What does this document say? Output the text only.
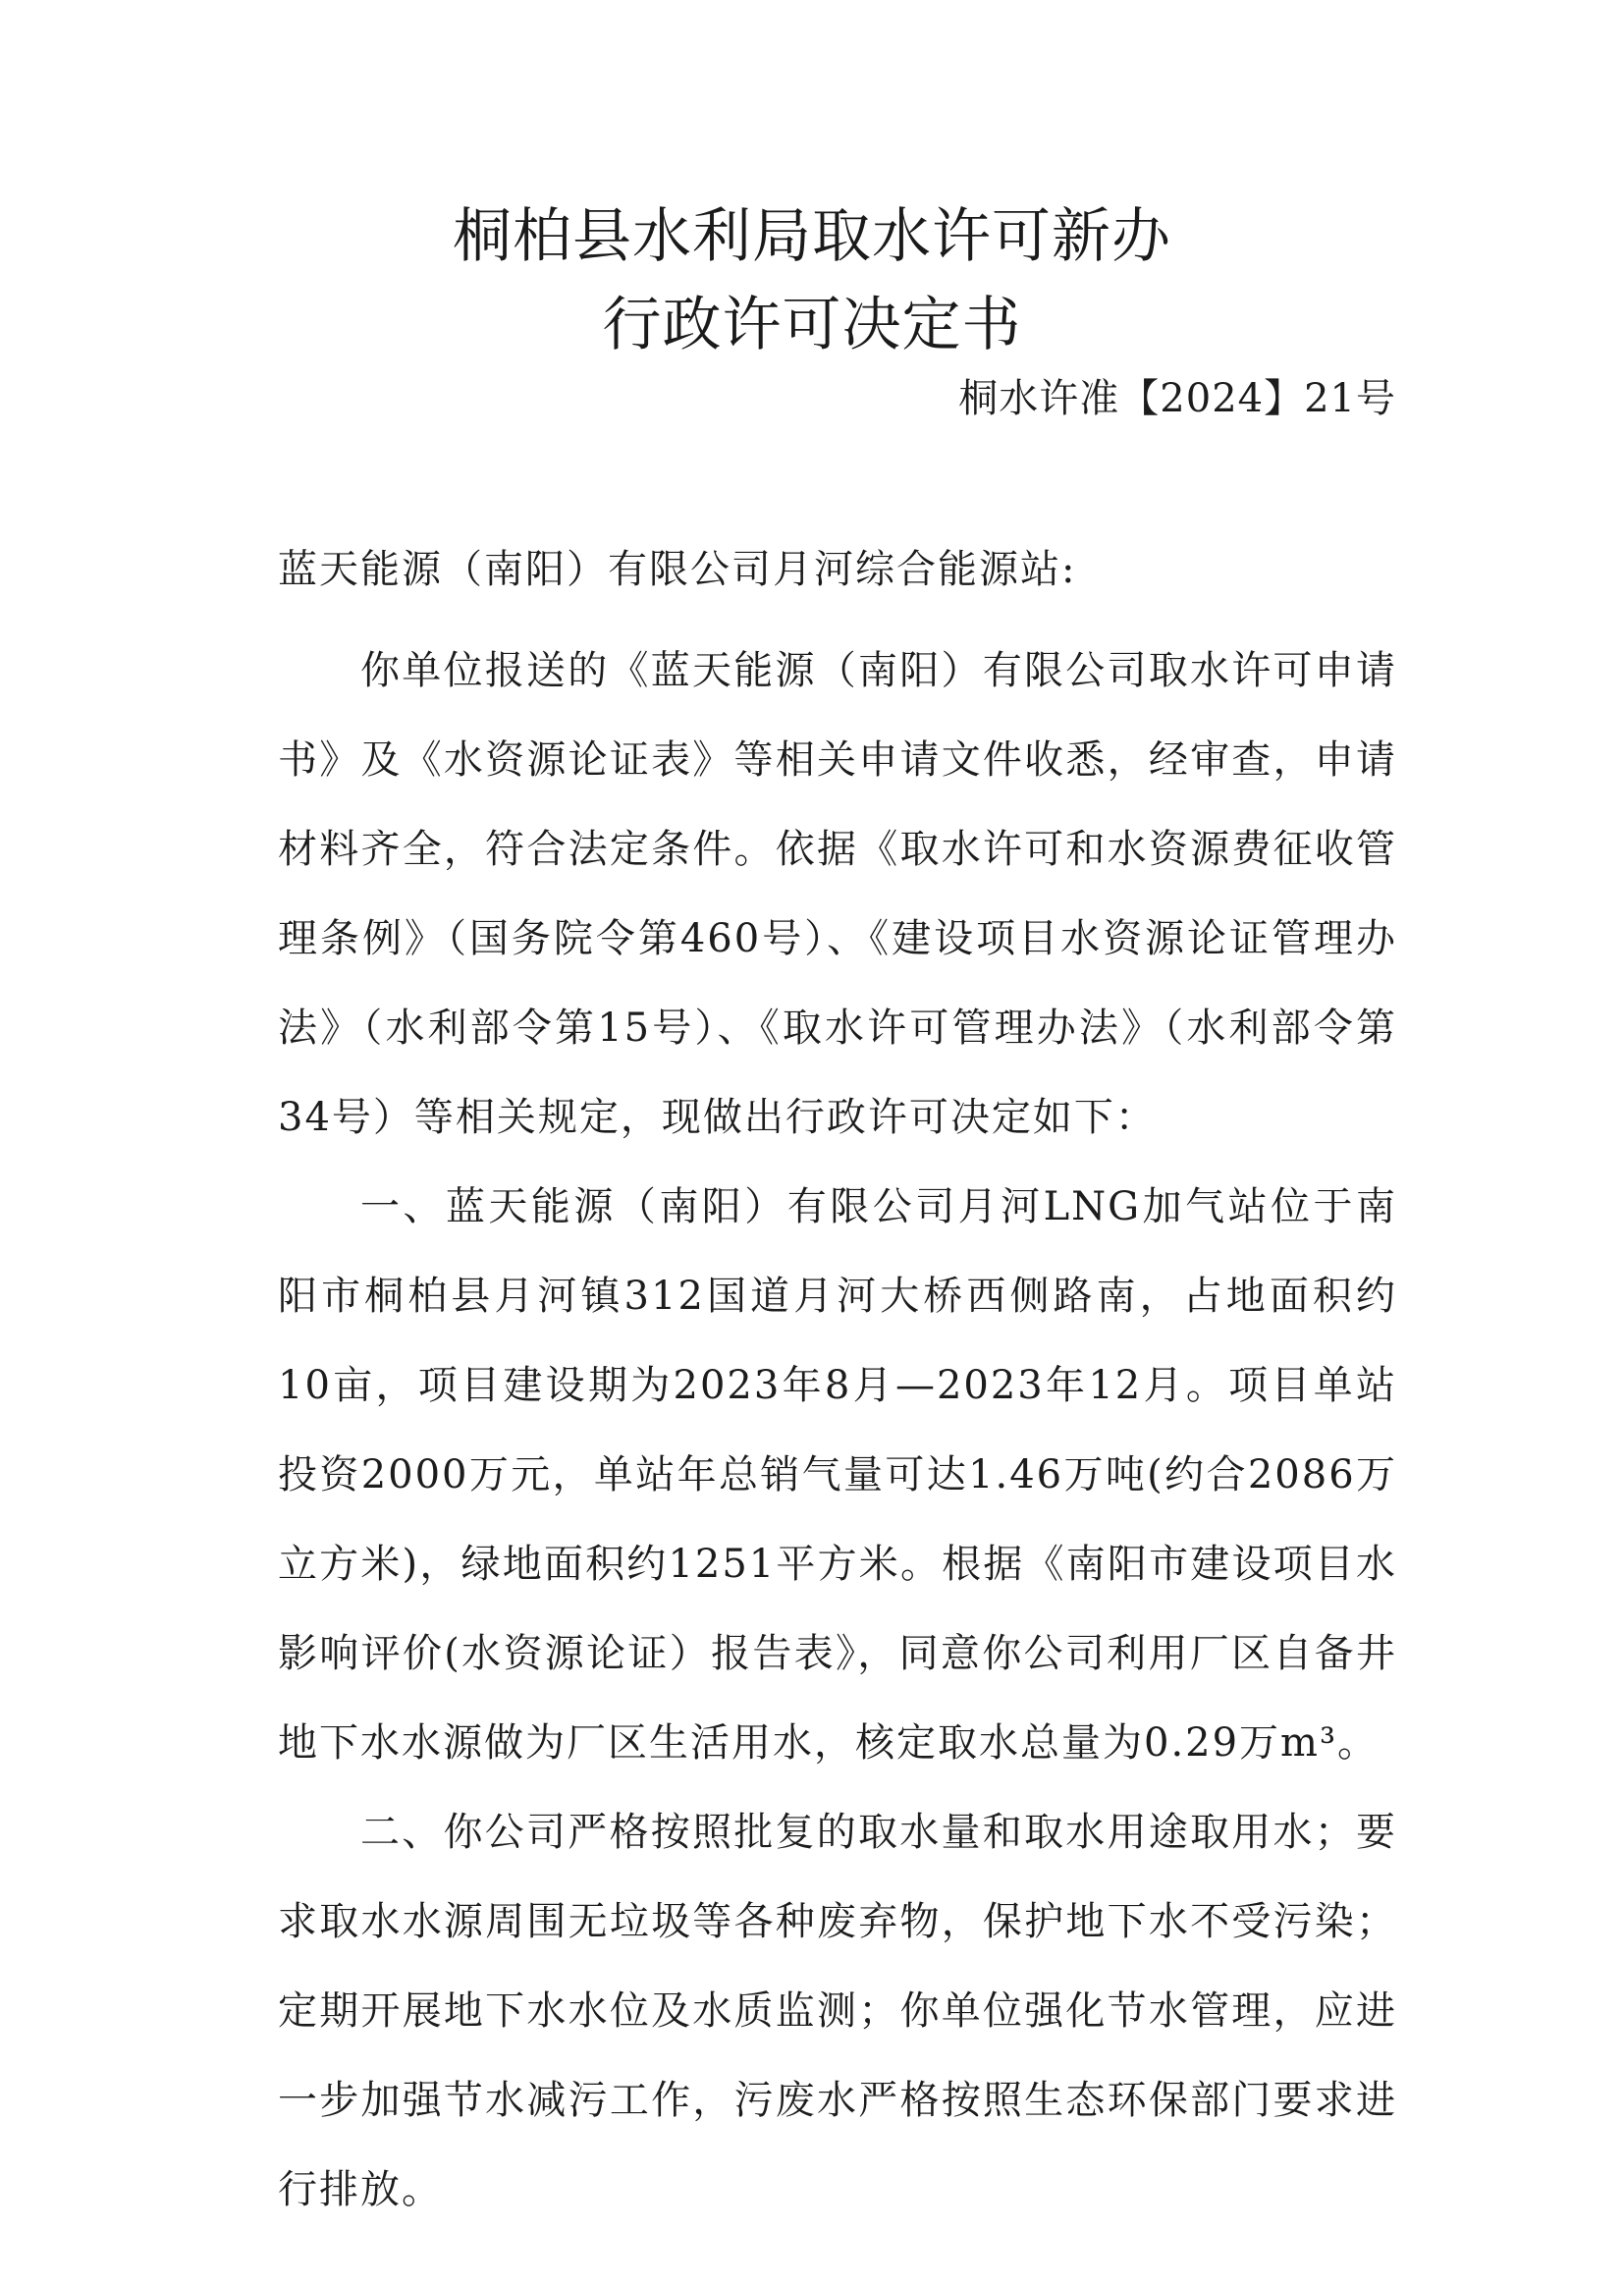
桐柏县水利局取水许可新办
行政许可决定书
桐水许准【2024】21号
蓝天能源（南阳）有限公司月河综合能源站:

你单位报送的《蓝天能源（南阳）有限公司取水许可申请书》及《水资源论证表》等相关申请文件收悉，经审查，申请材料齐全，符合法定条件。依据《取水许可和水资源费征收管理条例》（国务院令第460号）、《建设项目水资源论证管理办法》（水利部令第15号）、《取水许可管理办法》（水利部令第34号）等相关规定，现做出行政许可决定如下：

一、蓝天能源（南阳）有限公司月河LNG加气站位于南阳市桐柏县月河镇312国道月河大桥西侧路南，占地面积约10亩，项目建设期为2023年8月—2023年12月。项目单站投资2000万元，单站年总销气量可达1.46万吨(约合2086万立方米)，绿地面积约1251平方米。根据《南阳市建设项目水影响评价(水资源论证）报告表》，同意你公司利用厂区自备井地下水水源做为厂区生活用水，核定取水总量为0.29万m³。

二、你公司严格按照批复的取水量和取水用途取用水；要求取水水源周围无垃圾等各种废弃物，保护地下水不受污染；定期开展地下水水位及水质监测；你单位强化节水管理，应进一步加强节水减污工作，污废水严格按照生态环保部门要求进行排放。
